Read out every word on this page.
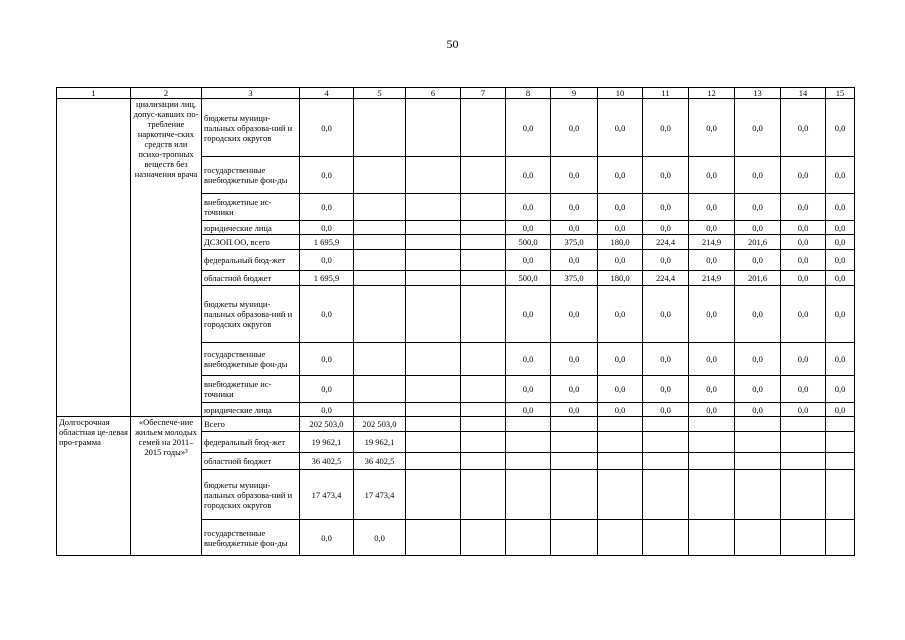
50
1	2	3	4	5	6	7	8	9	10	11	12	13	14	15
	циализации лиц, допус-кавших по-требление наркотиче-ских средств или психо-тропных веществ без назначения врача	бюджеты муници-пальных образова-ний и городских округов	0,0				0,0	0,0	0,0	0,0	0,0	0,0	0,0	0,0
		государственные внебюджетные фон-ды	0,0				0,0	0,0	0,0	0,0	0,0	0,0	0,0	0,0
		внебюджетные ис-точники	0,0				0,0	0,0	0,0	0,0	0,0	0,0	0,0	0,0
		юридические лица	0,0				0,0	0,0	0,0	0,0	0,0	0,0	0,0	0,0
		ДСЗОП ОО, всего	1 695,9				500,0	375,0	180,0	224,4	214,9	201,6	0,0	0,0
		федеральный бюд-жет	0,0				0,0	0,0	0,0	0,0	0,0	0,0	0,0	0,0
		областной бюджет	1 695,9				500,0	375,0	180,0	224,4	214,9	201,6	0,0	0,0
		бюджеты муници-пальных образова-ний и городских округов	0,0				0,0	0,0	0,0	0,0	0,0	0,0	0,0	0,0
		государственные внебюджетные фон-ды	0,0				0,0	0,0	0,0	0,0	0,0	0,0	0,0	0,0
		внебюджетные ис-точники	0,0				0,0	0,0	0,0	0,0	0,0	0,0	0,0	0,0
		юридические лица	0,0				0,0	0,0	0,0	0,0	0,0	0,0	0,0	0,0
Долгосрочная областная це-левая про-грамма	«Обеспече-ние жильем молодых семей на 2011– 2015 годы»³	Всего	202 503,0	202 503,0										
		федеральный бюд-жет	19 962,1	19 962,1										
		областной бюджет	36 402,5	36 402,5										
		бюджеты муници-пальных образова-ний и городских округов	17 473,4	17 473,4										
		государственные внебюджетные фон-ды	0,0	0,0										
